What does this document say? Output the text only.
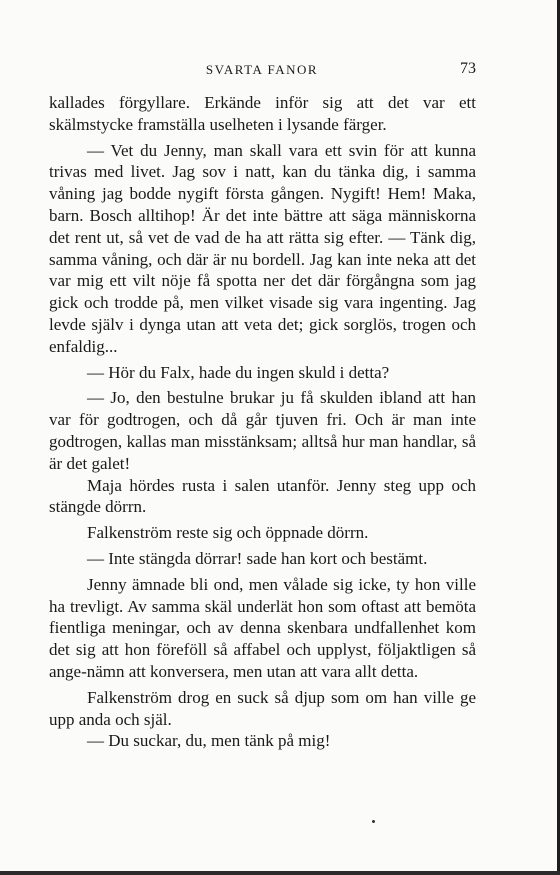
SVARTA FANOR	73

kallades förgyllare. Erkände inför sig att det var ett skälmstycke framställa uselheten i lysande färger.

— Vet du Jenny, man skall vara ett svin för att kunna trivas med livet. Jag sov i natt, kan du tänka dig, i samma våning jag bodde nygift första gången. Nygift! Hem! Maka, barn. Bosch alltihop! Är det inte bättre att säga människorna det rent ut, så vet de vad de ha att rätta sig efter. — Tänk dig, samma våning, och där är nu bordell. Jag kan inte neka att det var mig ett vilt nöje få spotta ner det där förgångna som jag gick och trodde på, men vilket visade sig vara ingenting. Jag levde själv i dynga utan att veta det; gick sorglös, trogen och enfaldig...

— Hör du Falx, hade du ingen skuld i detta?

— Jo, den bestulne brukar ju få skulden ibland att han var för godtrogen, och då går tjuven fri. Och är man inte godtrogen, kallas man misstänksam; alltså hur man handlar, så är det galet!

Maja hördes rusta i salen utanför. Jenny steg upp och stängde dörrn.

Falkenström reste sig och öppnade dörrn.

— Inte stängda dörrar! sade han kort och bestämt.

Jenny ämnade bli ond, men vålade sig icke, ty hon ville ha trevligt. Av samma skäl underlät hon som oftast att bemöta fientliga meningar, och av denna skenbara undfallenhet kom det sig att hon föreföll så affabel och upplyst, följaktligen så ange-nämn att konversera, men utan att vara allt detta.

Falkenström drog en suck så djup som om han ville ge upp anda och själ.

— Du suckar, du, men tänk på mig!
